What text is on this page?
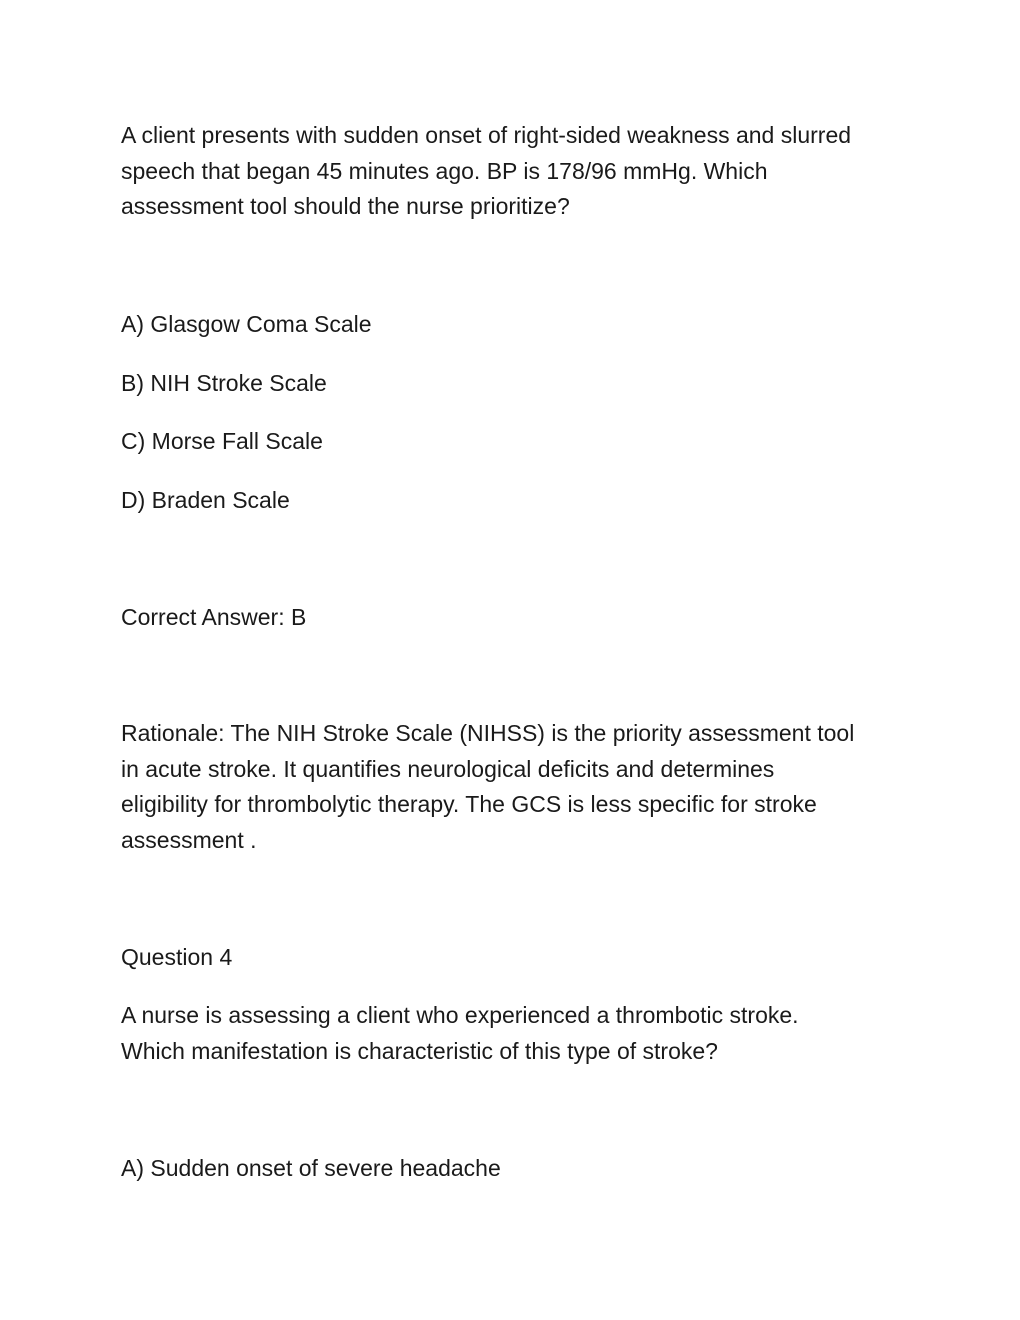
A client presents with sudden onset of right-sided weakness and slurred
speech that began 45 minutes ago. BP is 178/96 mmHg. Which
assessment tool should the nurse prioritize?

A) Glasgow Coma Scale

B) NIH Stroke Scale

C) Morse Fall Scale

D) Braden Scale

Correct Answer: B

Rationale: The NIH Stroke Scale (NIHSS) is the priority assessment tool
in acute stroke. It quantifies neurological deficits and determines
eligibility for thrombolytic therapy. The GCS is less specific for stroke
assessment .

Question 4

A nurse is assessing a client who experienced a thrombotic stroke.
Which manifestation is characteristic of this type of stroke?

A) Sudden onset of severe headache
